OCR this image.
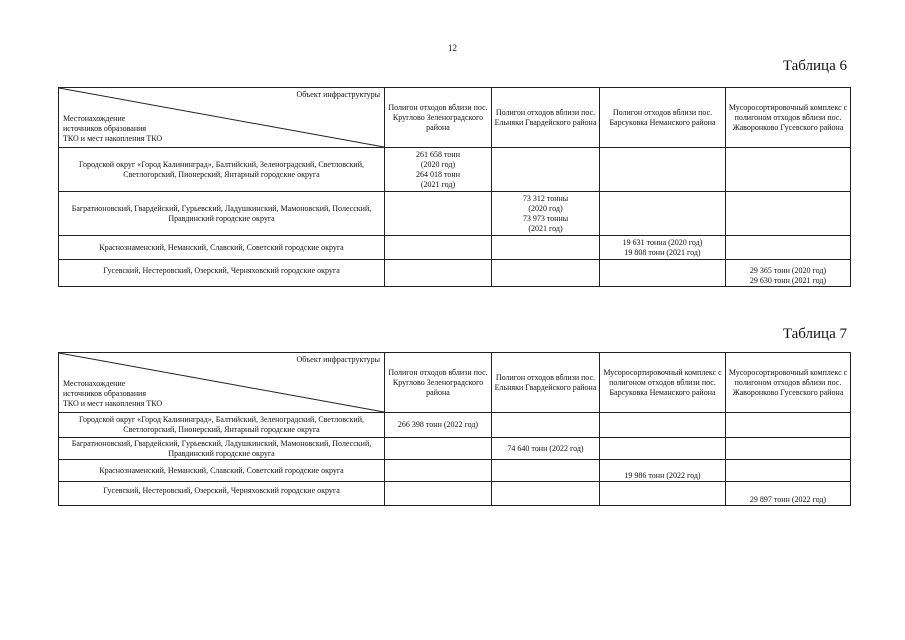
12
Таблица 6
Объект инфраструктуры
Местонахождение
источников образования
ТКО и мест накопления ТКО	Полигон отходов вблизи пос. Круглово Зеленоградского района	Полигон отходов вблизи пос. Ельняки Гвардейского района	Полигон отходов вблизи пос. Барсуковка Неманского района	Мусоросортировочный комплекс с полигоном отходов вблизи пос. Жаворонково Гусевского района
Городской округ «Город Калининград», Балтийский, Зеленоградский, Светловский, Светлогорский, Пионерский, Янтарный городские округа	261 658 тонн
(2020 год)
264 018 тонн
(2021 год)			

Багратионовский, Гвардейский, Гурьевский, Ладушкинский, Мамоновский, Полесский, Правдинский городские округа		73 312 тонны
(2020 год)
73 973 тонны
(2021 год)		

Краснознаменский, Неманский, Славский, Советский городские округа			19 631 тонна (2020 год)
19 808 тонн (2021 год)	

Гусевский, Нестеровский, Озерский, Черняховский городские округа				29 365 тонн (2020 год)
29 630 тонн (2021 год)
Таблица 7
Объект инфраструктуры
Местонахождение
источников образования
ТКО и мест накопления ТКО	Полигон отходов вблизи пос. Круглово Зеленоградского района	Полигон отходов вблизи пос. Ельняки Гвардейского района	Мусоросортировочный комплекс с полигоном отходов вблизи пос. Барсуковка Неманского района	Мусоросортировочный комплекс с полигоном отходов вблизи пос. Жаворонково Гусевского района
Городской округ «Город Калининград», Балтийский, Зеленоградский, Светловский, Светлогорский, Пионерский, Янтарный городские округа	266 398 тонн (2022 год)			
Багратионовский, Гвардейский, Гурьевский, Ладушкинский, Мамоновский, Полесский, Правдинский городские округа		74 640 тонн (2022 год)		
Краснознаменский, Неманский, Славский, Советский городские округа			19 986 тонн (2022 год)	
Гусевский, Нестеровский, Озерский, Черняховский городские округа				29 897 тонн (2022 год)
